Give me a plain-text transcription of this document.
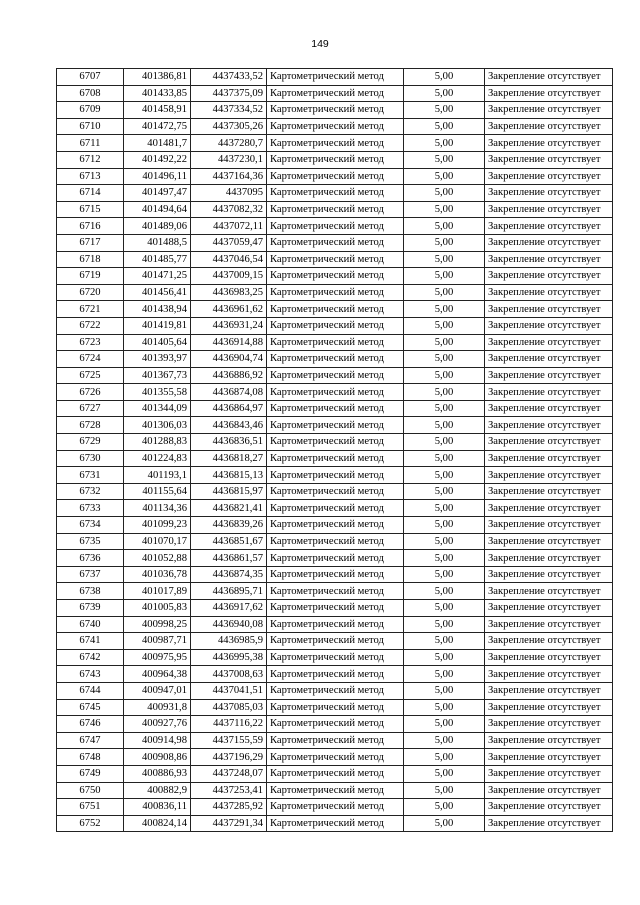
149
6707	401386,81	4437433,52	Картометрический метод	5,00	Закрепление отсутствует
6708	401433,85	4437375,09	Картометрический метод	5,00	Закрепление отсутствует
6709	401458,91	4437334,52	Картометрический метод	5,00	Закрепление отсутствует
6710	401472,75	4437305,26	Картометрический метод	5,00	Закрепление отсутствует
6711	401481,7	4437280,7	Картометрический метод	5,00	Закрепление отсутствует
6712	401492,22	4437230,1	Картометрический метод	5,00	Закрепление отсутствует
6713	401496,11	4437164,36	Картометрический метод	5,00	Закрепление отсутствует
6714	401497,47	4437095	Картометрический метод	5,00	Закрепление отсутствует
6715	401494,64	4437082,32	Картометрический метод	5,00	Закрепление отсутствует
6716	401489,06	4437072,11	Картометрический метод	5,00	Закрепление отсутствует
6717	401488,5	4437059,47	Картометрический метод	5,00	Закрепление отсутствует
6718	401485,77	4437046,54	Картометрический метод	5,00	Закрепление отсутствует
6719	401471,25	4437009,15	Картометрический метод	5,00	Закрепление отсутствует
6720	401456,41	4436983,25	Картометрический метод	5,00	Закрепление отсутствует
6721	401438,94	4436961,62	Картометрический метод	5,00	Закрепление отсутствует
6722	401419,81	4436931,24	Картометрический метод	5,00	Закрепление отсутствует
6723	401405,64	4436914,88	Картометрический метод	5,00	Закрепление отсутствует
6724	401393,97	4436904,74	Картометрический метод	5,00	Закрепление отсутствует
6725	401367,73	4436886,92	Картометрический метод	5,00	Закрепление отсутствует
6726	401355,58	4436874,08	Картометрический метод	5,00	Закрепление отсутствует
6727	401344,09	4436864,97	Картометрический метод	5,00	Закрепление отсутствует
6728	401306,03	4436843,46	Картометрический метод	5,00	Закрепление отсутствует
6729	401288,83	4436836,51	Картометрический метод	5,00	Закрепление отсутствует
6730	401224,83	4436818,27	Картометрический метод	5,00	Закрепление отсутствует
6731	401193,1	4436815,13	Картометрический метод	5,00	Закрепление отсутствует
6732	401155,64	4436815,97	Картометрический метод	5,00	Закрепление отсутствует
6733	401134,36	4436821,41	Картометрический метод	5,00	Закрепление отсутствует
6734	401099,23	4436839,26	Картометрический метод	5,00	Закрепление отсутствует
6735	401070,17	4436851,67	Картометрический метод	5,00	Закрепление отсутствует
6736	401052,88	4436861,57	Картометрический метод	5,00	Закрепление отсутствует
6737	401036,78	4436874,35	Картометрический метод	5,00	Закрепление отсутствует
6738	401017,89	4436895,71	Картометрический метод	5,00	Закрепление отсутствует
6739	401005,83	4436917,62	Картометрический метод	5,00	Закрепление отсутствует
6740	400998,25	4436940,08	Картометрический метод	5,00	Закрепление отсутствует
6741	400987,71	4436985,9	Картометрический метод	5,00	Закрепление отсутствует
6742	400975,95	4436995,38	Картометрический метод	5,00	Закрепление отсутствует
6743	400964,38	4437008,63	Картометрический метод	5,00	Закрепление отсутствует
6744	400947,01	4437041,51	Картометрический метод	5,00	Закрепление отсутствует
6745	400931,8	4437085,03	Картометрический метод	5,00	Закрепление отсутствует
6746	400927,76	4437116,22	Картометрический метод	5,00	Закрепление отсутствует
6747	400914,98	4437155,59	Картометрический метод	5,00	Закрепление отсутствует
6748	400908,86	4437196,29	Картометрический метод	5,00	Закрепление отсутствует
6749	400886,93	4437248,07	Картометрический метод	5,00	Закрепление отсутствует
6750	400882,9	4437253,41	Картометрический метод	5,00	Закрепление отсутствует
6751	400836,11	4437285,92	Картометрический метод	5,00	Закрепление отсутствует
6752	400824,14	4437291,34	Картометрический метод	5,00	Закрепление отсутствует
